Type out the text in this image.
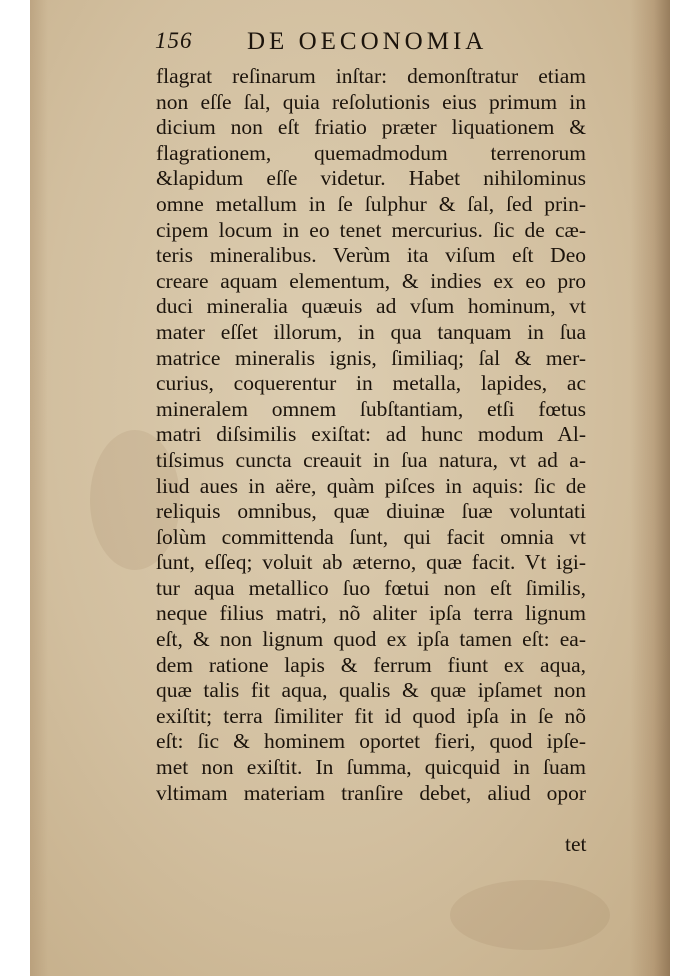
156 DE OECONOMIA
flagrat reſinarum inſtar: demonſtratur etiam
non eſſe ſal, quia reſolutionis eius primum in
dicium non eſt friatio præter liquationem &
flagrationem, quemadmodum terrenorum
&lapidum eſſe videtur. Habet nihilominus
omne metallum in ſe ſulphur & ſal, ſed prin-
cipem locum in eo tenet mercurius. ſic de cæ-
teris mineralibus. Verùm ita viſum eſt Deo
creare aquam elementum, & indies ex eo pro
duci mineralia quæuis ad vſum hominum, vt
mater eſſet illorum, in qua tanquam in ſua
matrice mineralis ignis, ſimiliaq; ſal & mer-
curius, coquerentur in metalla, lapides, ac
mineralem omnem ſubſtantiam, etſi fœtus
matri diſsimilis exiſtat: ad hunc modum Al-
tiſsimus cuncta creauit in ſua natura, vt ad a-
liud aues in aëre, quàm piſces in aquis: ſic de
reliquis omnibus, quæ diuinæ ſuæ voluntati
ſolùm committenda ſunt, qui facit omnia vt
ſunt, eſſeq; voluit ab æterno, quæ facit. Vt igi-
tur aqua metallico ſuo fœtui non eſt ſimilis,
neque filius matri, nõ aliter ipſa terra lignum
eſt, & non lignum quod ex ipſa tamen eſt: ea-
dem ratione lapis & ferrum fiunt ex aqua,
quæ talis fit aqua, qualis & quæ ipſamet non
exiſtit; terra ſimiliter fit id quod ipſa in ſe nõ
eſt: ſic & hominem oportet fieri, quod ipſe-
met non exiſtit. In ſumma, quicquid in ſuam
vltimam materiam tranſire debet, aliud opor
tet
